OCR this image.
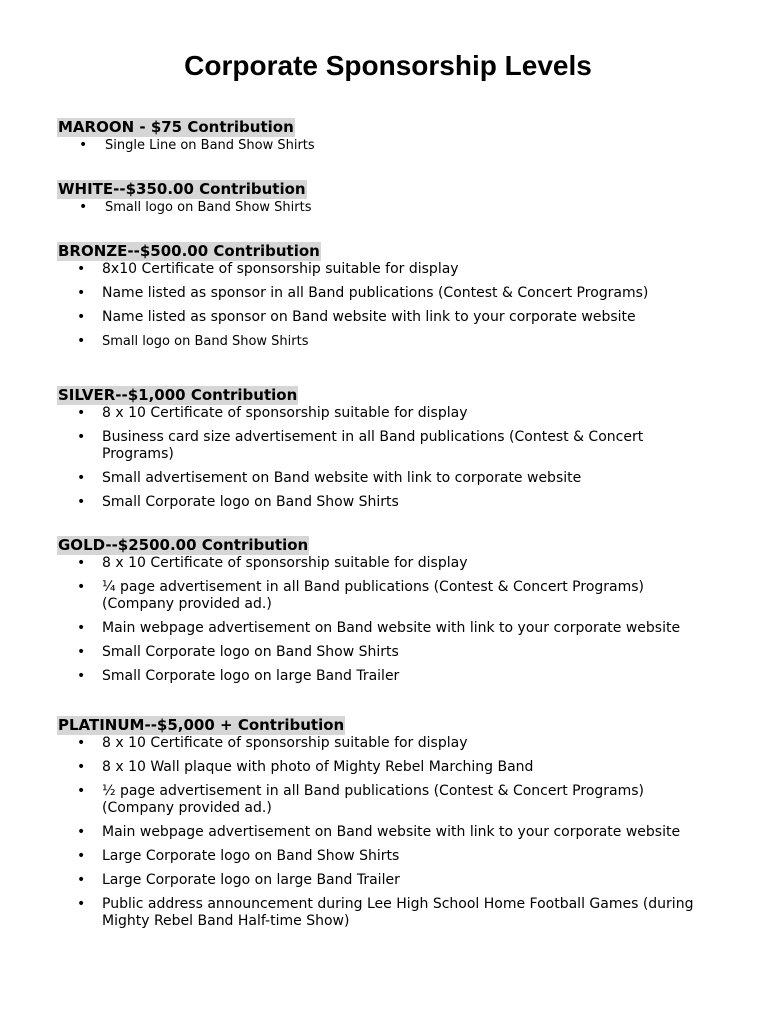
Corporate Sponsorship Levels
MAROON - $75 Contribution
• Single Line on Band Show Shirts
WHITE--$350.00 Contribution
• Small logo on Band Show Shirts
BRONZE--$500.00 Contribution
• 8x10 Certificate of sponsorship suitable for display
• Name listed as sponsor in all Band publications (Contest & Concert Programs)
• Name listed as sponsor on Band website with link to your corporate website
• Small logo on Band Show Shirts
SILVER--$1,000 Contribution
• 8 x 10 Certificate of sponsorship suitable for display
• Business card size advertisement in all Band publications (Contest & Concert Programs)
• Small advertisement on Band website with link to corporate website
• Small Corporate logo on Band Show Shirts
GOLD--$2500.00 Contribution
• 8 x 10 Certificate of sponsorship suitable for display
• ¼ page advertisement in all Band publications (Contest & Concert Programs) (Company provided ad.)
• Main webpage advertisement on Band website with link to your corporate website
• Small Corporate logo on Band Show Shirts
• Small Corporate logo on large Band Trailer
PLATINUM--$5,000 + Contribution
• 8 x 10 Certificate of sponsorship suitable for display
• 8 x 10 Wall plaque with photo of Mighty Rebel Marching Band
• ½ page advertisement in all Band publications (Contest & Concert Programs) (Company provided ad.)
• Main webpage advertisement on Band website with link to your corporate website
• Large Corporate logo on Band Show Shirts
• Large Corporate logo on large Band Trailer
• Public address announcement during Lee High School Home Football Games (during Mighty Rebel Band Half-time Show)
